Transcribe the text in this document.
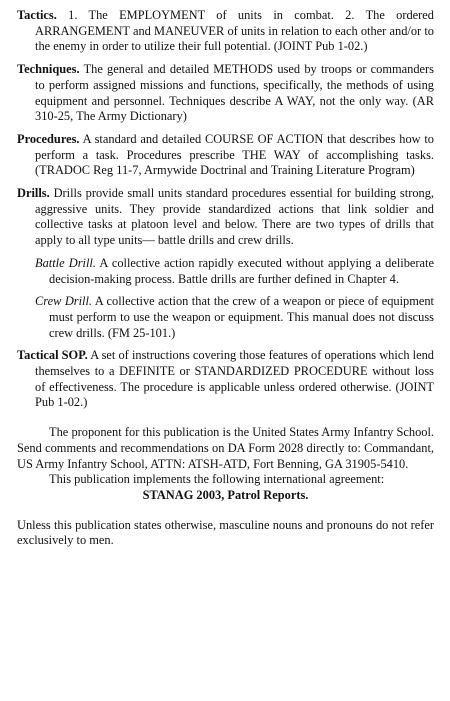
Tactics. 1. The EMPLOYMENT of units in combat. 2. The ordered ARRANGEMENT and MANEUVER of units in relation to each other and/or to the enemy in order to utilize their full potential. (JOINT Pub 1-02.)

Techniques. The general and detailed METHODS used by troops or commanders to perform assigned missions and functions, specifically, the methods of using equipment and personnel. Techniques describe A WAY, not the only way. (AR 310-25, The Army Dictionary)

Procedures. A standard and detailed COURSE OF ACTION that describes how to perform a task. Procedures prescribe THE WAY of accomplishing tasks. (TRADOC Reg 11-7, Armywide Doctrinal and Training Literature Program)

Drills. Drills provide small units standard procedures essential for building strong, aggressive units. They provide standardized actions that link soldier and collective tasks at platoon level and below. There are two types of drills that apply to all type units— battle drills and crew drills.

Battle Drill. A collective action rapidly executed without applying a deliberate decision-making process. Battle drills are further defined in Chapter 4.

Crew Drill. A collective action that the crew of a weapon or piece of equipment must perform to use the weapon or equipment. This manual does not discuss crew drills. (FM 25-101.)

Tactical SOP. A set of instructions covering those features of operations which lend themselves to a DEFINITE or STANDARDIZED PROCEDURE without loss of effectiveness. The procedure is applicable unless ordered otherwise. (JOINT Pub 1-02.)

The proponent for this publication is the United States Army Infantry School. Send comments and recommendations on DA Form 2028 directly to: Commandant, US Army Infantry School, ATTN: ATSH-ATD, Fort Benning, GA 31905-5410.

This publication implements the following international agreement:

STANAG 2003, Patrol Reports.

Unless this publication states otherwise, masculine nouns and pronouns do not refer exclusively to men.
